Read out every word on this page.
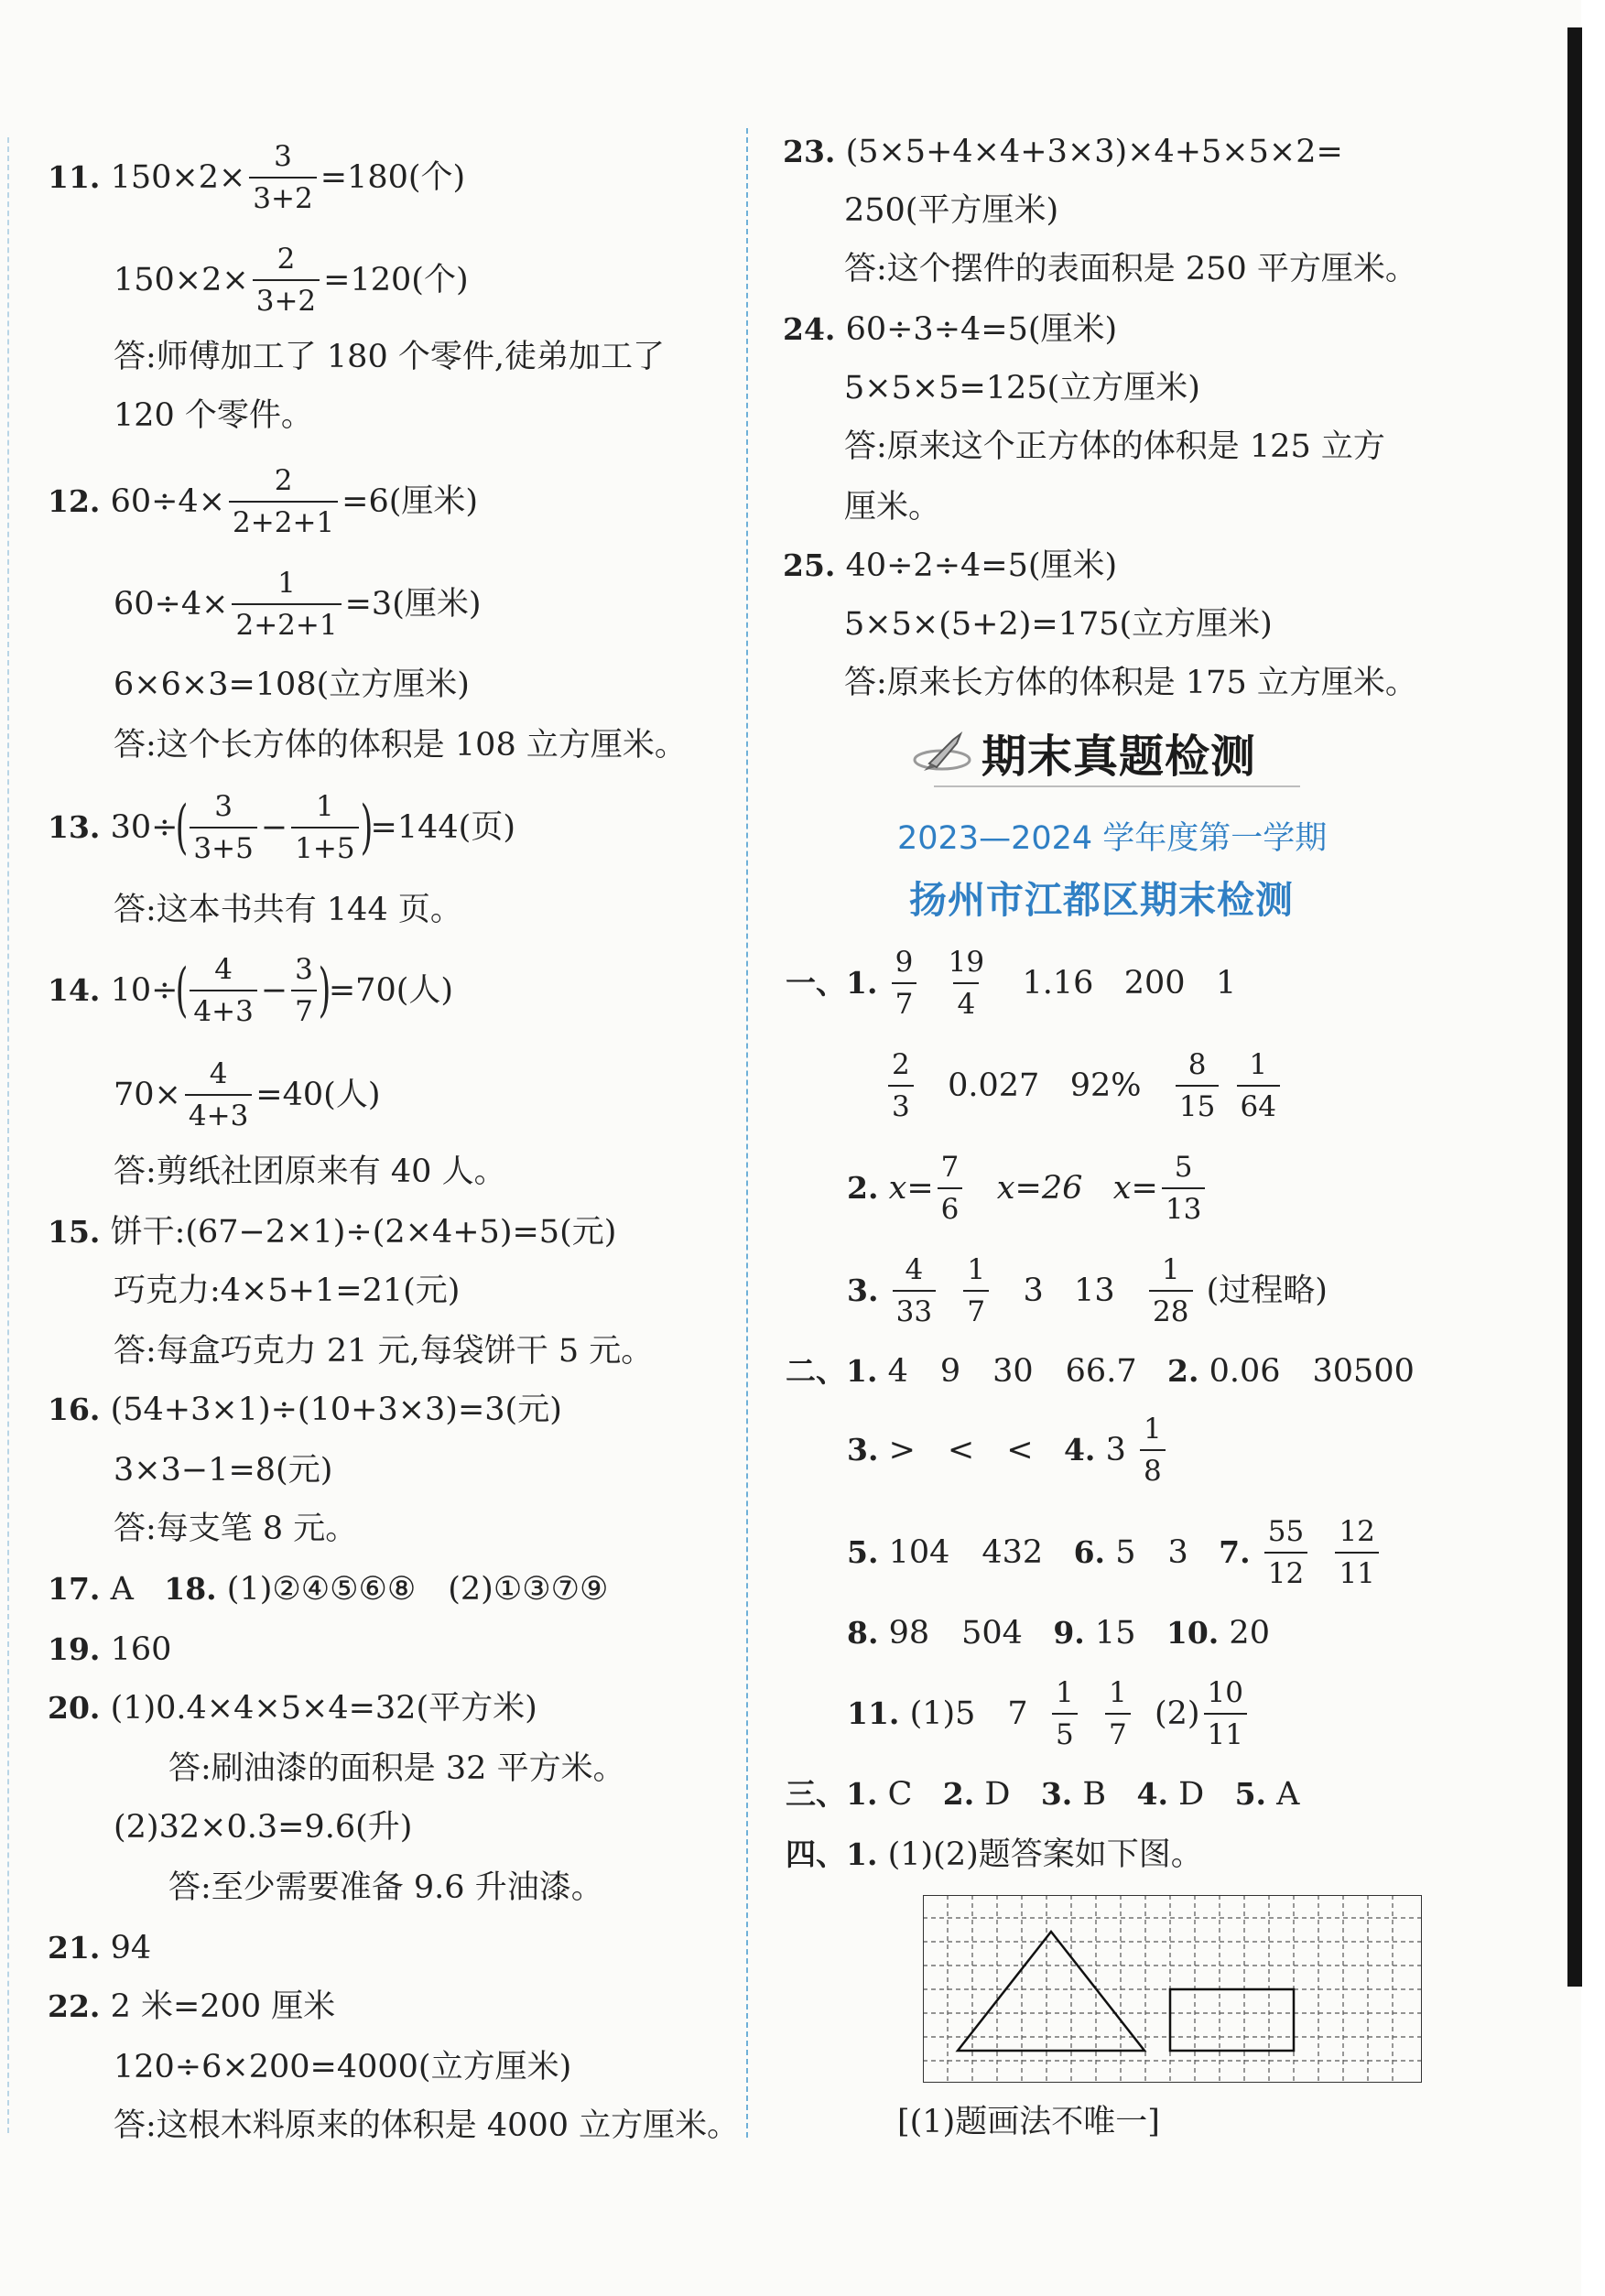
11.
$150\times 2\times \frac{3}{3+2} =180$(个)
$150\times 2\times \frac{2}{3+2} =120$(个)
答:师傅加工了 180 个零件,徒弟加工了
120 个零件。
12.
$60\div 4\times \frac{2}{2+2+1} =6$(厘米)
$60\div 4\times \frac{1}{2+2+1} =3$(厘米)
6×6×3=108(立方厘米)
答:这个长方体的体积是 108 立方厘米。
13.
30÷
( $\frac{3}{3+5} - \frac{1}{1+5}$ )
=144(页)
答:这本书共有 144 页。
14.
10÷
( $\frac{4}{4+3} - \frac{3}{7}$ )
=70(人)
$70\times \frac{4}{4+3} =40$(人)
答:剪纸社团原来有 40 人。
15.
饼干:(67−2×1)÷(2×4+5)=5(元)
巧克力:4×5+1=21(元)
答:每盒巧克力 21 元,每袋饼干 5 元。
16.
(54+3×1)÷(10+3×3)=3(元)
3×3−1=8(元)
答:每支笔 8 元。
17.
A
18.
(1)②④⑤⑥⑧　(2)①③⑦⑨
19.
160
20.
(1)0.4×4×5×4=32(平方米)
答:刷油漆的面积是 32 平方米。
(2)32×0.3=9.6(升)
答:至少需要准备 9.6 升油漆。
21.
94
22.
2 米=200 厘米
120÷6×200=4000(立方厘米)
答:这根木料原来的体积是 4000 立方厘米。
23.
(5×5+4×4+3×3)×4+5×5×2=
250(平方厘米)
答:这个摆件的表面积是 250 平方厘米。
24.
60÷3÷4=5(厘米)
5×5×5=125(立方厘米)
答:原来这个正方体的体积是 125 立方
厘米。
25.
40÷2÷4=5(厘米)
5×5×(5+2)=175(立方厘米)
答:原来长方体的体积是 175 立方厘米。
期末真题检测
2023—2024 学年度第一学期
扬州市江都区期末检测
一、 1.
$\frac{9}{7}$
$\frac{19}{4}$
1.16
200
1
$\frac{2}{3}$
0.027
92%
$\frac{8}{15}$
$\frac{1}{64}$
2.
$x= \frac{7}{6}$
x=26
$x= \frac{5}{13}$
3.
$\frac{4}{33}$
$\frac{1}{7}$
3
13
$\frac{1}{28}$
(过程略)
二、 1.
4　9　30　66.7
2.
0.06　30500
3.
>　<　<
4.
3
$\frac{1}{8}$
5.
104　432
6.
5　3
7.
$\frac{55}{12}$
$\frac{12}{11}$
8.
98　504
9.
15
10.
20
11.
(1)5　7
$\frac{1}{5}$
$\frac{1}{7}$
$(2) \frac{10}{11}$
三、 1.
C
2.
D
3.
B
4.
D
5.
A
四、 1.
(1)(2)题答案如下图。
[(1)题画法不唯一]
